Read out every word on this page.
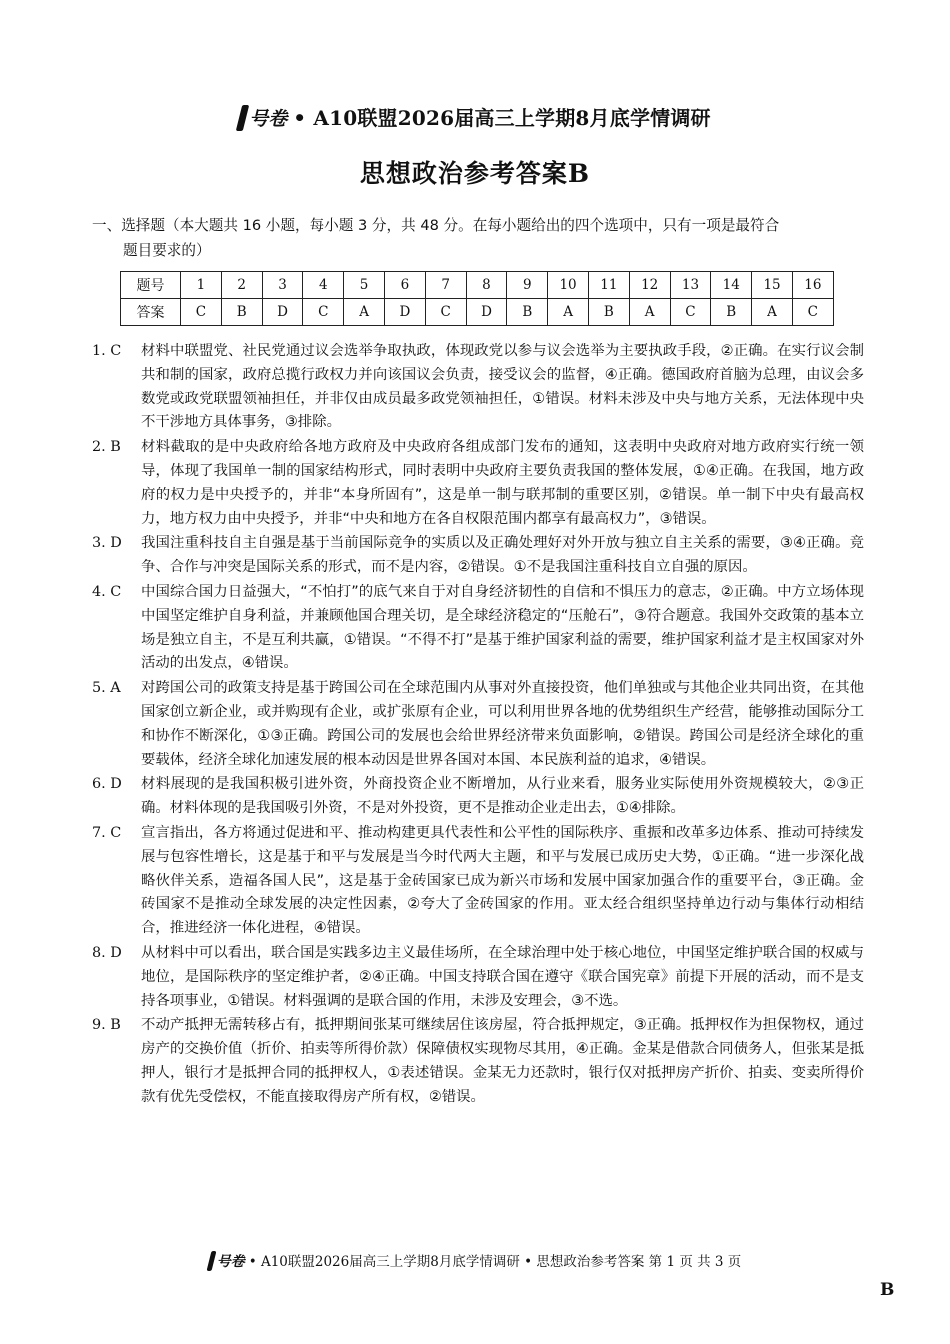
号卷 • A10联盟2026届高三上学期8月底学情调研
思想政治参考答案B
一、选择题（本大题共 16 小题，每小题 3 分，共 48 分。在每小题给出的四个选项中，只有一项是最符合
题目要求的）
题号	1	2	3	4	5	6	7	8	9	10	11	12	13	14	15	16
答案	C	B	D	C	A	D	C	D	B	A	B	A	C	B	A	C
1. C	材料中联盟党、社民党通过议会选举争取执政，体现政党以参与议会选举为主要执政手段，②正确。在实行议会制共和制的国家，政府总揽行政权力并向该国议会负责，接受议会的监督，④正确。德国政府首脑为总理，由议会多数党或政党联盟领袖担任，并非仅由成员最多政党领袖担任，①错误。材料未涉及中央与地方关系，无法体现中央不干涉地方具体事务，③排除。
2. B	材料截取的是中央政府给各地方政府及中央政府各组成部门发布的通知，这表明中央政府对地方政府实行统一领导，体现了我国单一制的国家结构形式，同时表明中央政府主要负责我国的整体发展，①④正确。在我国，地方政府的权力是中央授予的，并非“本身所固有”，这是单一制与联邦制的重要区别，②错误。单一制下中央有最高权力，地方权力由中央授予，并非“中央和地方在各自权限范围内都享有最高权力”，③错误。
3. D	我国注重科技自主自强是基于当前国际竞争的实质以及正确处理好对外开放与独立自主关系的需要，③④正确。竞争、合作与冲突是国际关系的形式，而不是内容，②错误。①不是我国注重科技自立自强的原因。
4. C	中国综合国力日益强大，“不怕打”的底气来自于对自身经济韧性的自信和不惧压力的意志，②正确。中方立场体现中国坚定维护自身利益，并兼顾他国合理关切，是全球经济稳定的“压舱石”，③符合题意。我国外交政策的基本立场是独立自主，不是互利共赢，①错误。“不得不打”是基于维护国家利益的需要，维护国家利益才是主权国家对外活动的出发点，④错误。
5. A	对跨国公司的政策支持是基于跨国公司在全球范围内从事对外直接投资，他们单独或与其他企业共同出资，在其他国家创立新企业，或并购现有企业，或扩张原有企业，可以利用世界各地的优势组织生产经营，能够推动国际分工和协作不断深化，①③正确。跨国公司的发展也会给世界经济带来负面影响，②错误。跨国公司是经济全球化的重要载体，经济全球化加速发展的根本动因是世界各国对本国、本民族利益的追求，④错误。
6. D	材料展现的是我国积极引进外资，外商投资企业不断增加，从行业来看，服务业实际使用外资规模较大，②③正确。材料体现的是我国吸引外资，不是对外投资，更不是推动企业走出去，①④排除。
7. C	宣言指出，各方将通过促进和平、推动构建更具代表性和公平性的国际秩序、重振和改革多边体系、推动可持续发展与包容性增长，这是基于和平与发展是当今时代两大主题，和平与发展已成历史大势，①正确。“进一步深化战略伙伴关系，造福各国人民”，这是基于金砖国家已成为新兴市场和发展中国家加强合作的重要平台，③正确。金砖国家不是推动全球发展的决定性因素，②夸大了金砖国家的作用。亚太经合组织坚持单边行动与集体行动相结合，推进经济一体化进程，④错误。
8. D	从材料中可以看出，联合国是实践多边主义最佳场所，在全球治理中处于核心地位，中国坚定维护联合国的权威与地位，是国际秩序的坚定维护者，②④正确。中国支持联合国在遵守《联合国宪章》前提下开展的活动，而不是支持各项事业，①错误。材料强调的是联合国的作用，未涉及安理会，③不选。
9. B	不动产抵押无需转移占有，抵押期间张某可继续居住该房屋，符合抵押规定，③正确。抵押权作为担保物权，通过房产的交换价值（折价、拍卖等所得价款）保障债权实现物尽其用，④正确。金某是借款合同债务人，但张某是抵押人，银行才是抵押合同的抵押权人，①表述错误。金某无力还款时，银行仅对抵押房产折价、拍卖、变卖所得价款有优先受偿权，不能直接取得房产所有权，②错误。
号卷 • A10联盟2026届高三上学期8月底学情调研 • 思想政治参考答案 第 1 页 共 3 页
B
